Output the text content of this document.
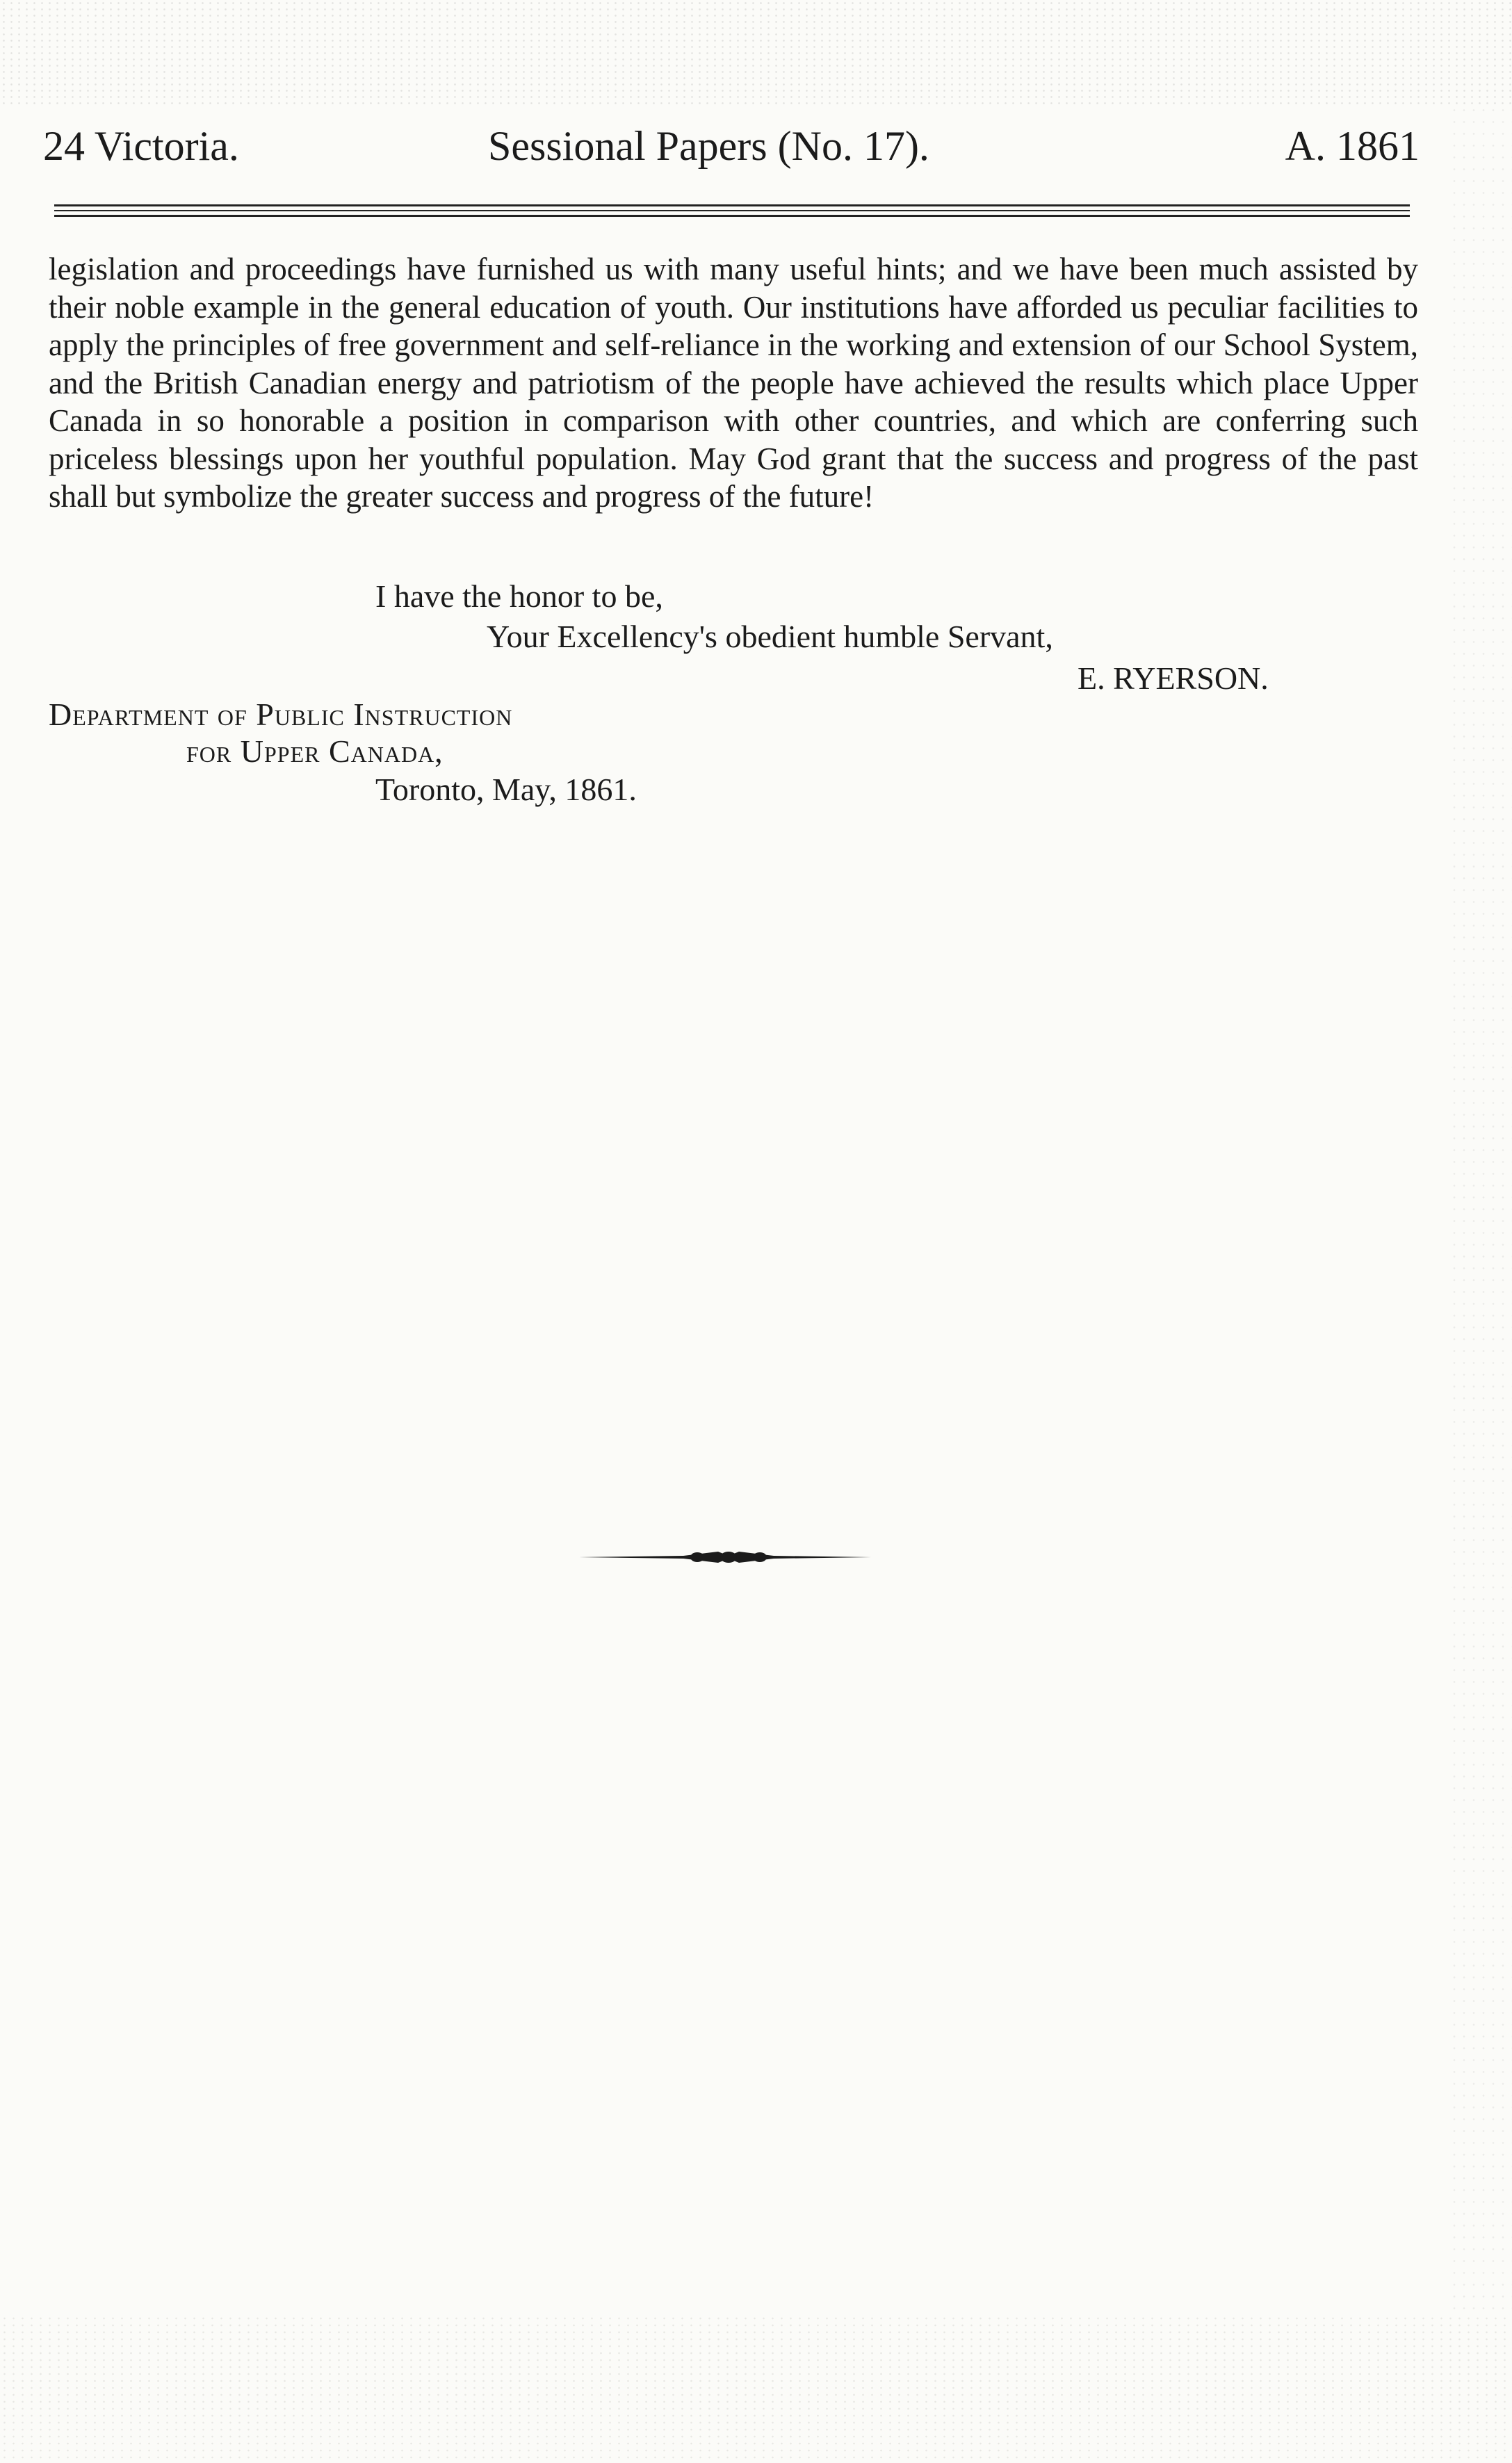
24 Victoria.	Sessional Papers (No. 17).	A. 1861
legislation and proceedings have furnished us with many useful hints; and we have been much assisted by their noble example in the general education of youth. Our institutions have afforded us peculiar facilities to apply the principles of free government and self-reliance in the working and extension of our School System, and the British Canadian energy and patriotism of the people have achieved the results which place Upper Canada in so honorable a position in comparison with other countries, and which are conferring such priceless blessings upon her youthful population. May God grant that the success and progress of the past shall but symbolize the greater success and progress of the future!
I have the honor to be,
Your Excellency's obedient humble Servant,
E. RYERSON.
Department of Public Instruction
for Upper Canada,
Toronto, May, 1861.
